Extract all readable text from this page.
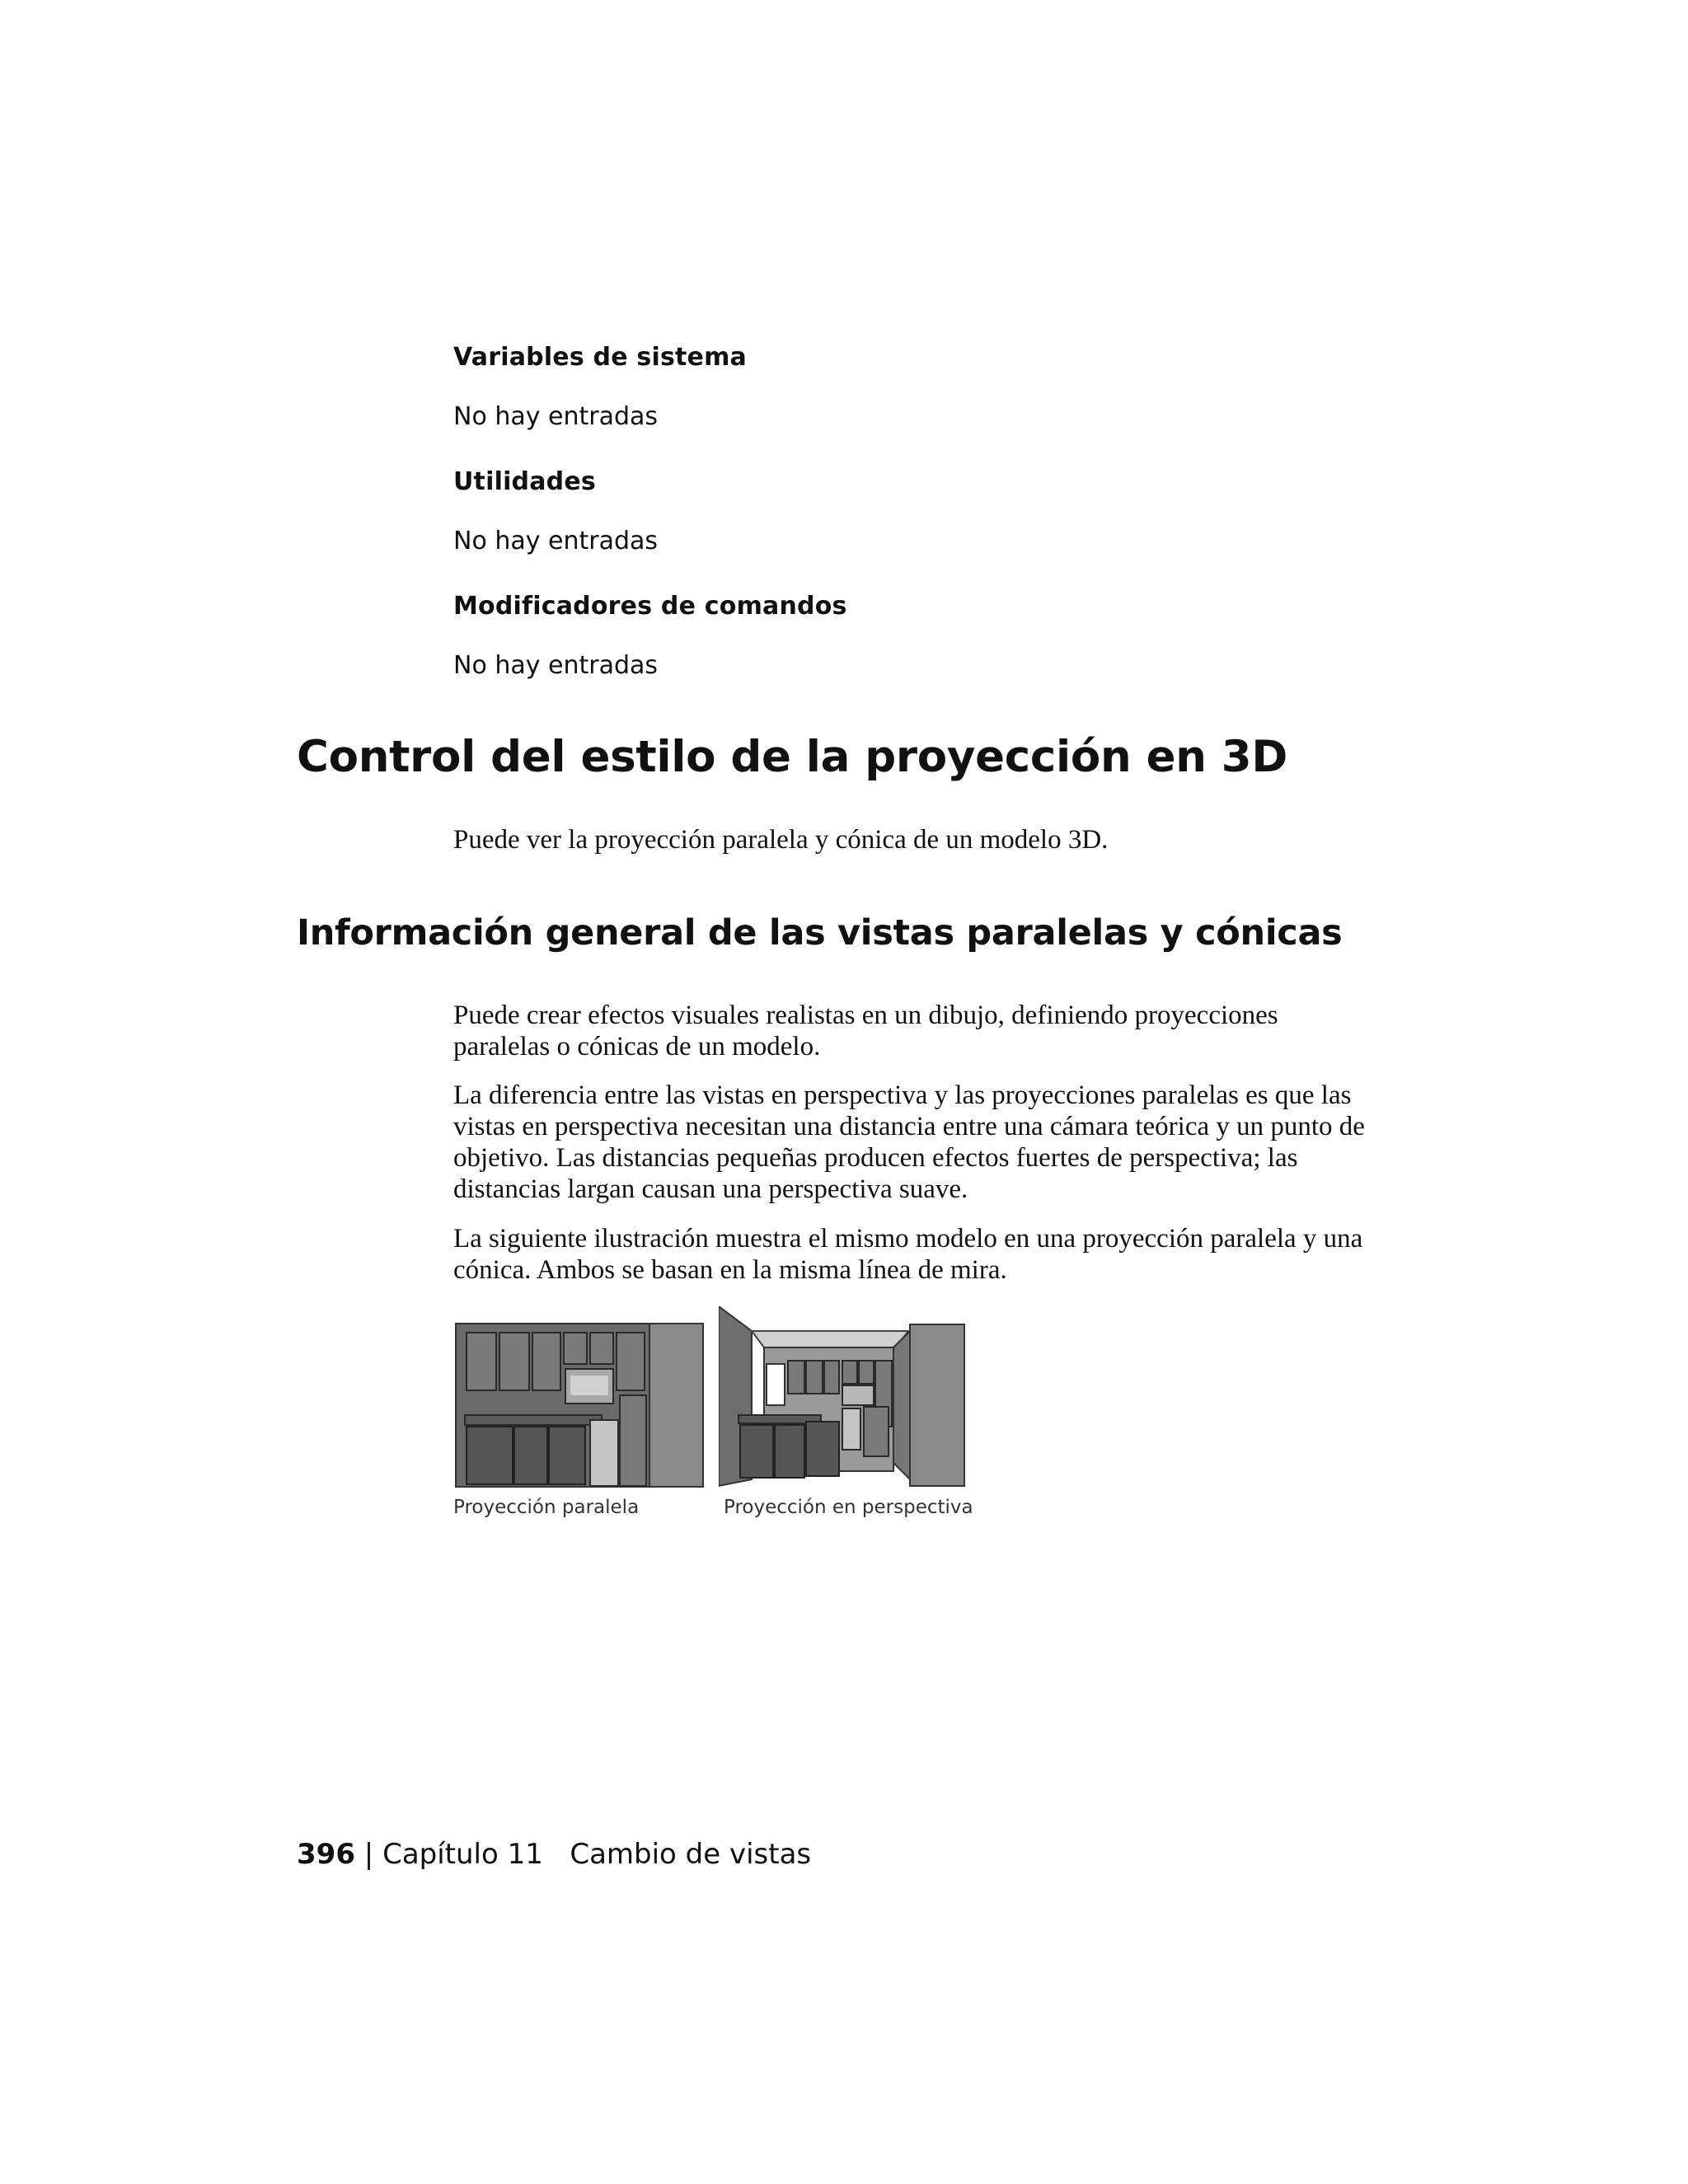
Variables de sistema
No hay entradas
Utilidades
No hay entradas
Modificadores de comandos
No hay entradas
Control del estilo de la proyección en 3D

Puede ver la proyección paralela y cónica de un modelo 3D.

Información general de las vistas paralelas y cónicas

Puede crear efectos visuales realistas en un dibujo, definiendo proyecciones paralelas o cónicas de un modelo.

La diferencia entre las vistas en perspectiva y las proyecciones paralelas es que las vistas en perspectiva necesitan una distancia entre una cámara teórica y un punto de objetivo. Las distancias pequeñas producen efectos fuertes de perspectiva; las distancias largan causan una perspectiva suave.

La siguiente ilustración muestra el mismo modelo en una proyección paralela y una cónica. Ambos se basan en la misma línea de mira.

Proyección paralela	Proyección en perspectiva
396 | Capítulo 11 Cambio de vistas
